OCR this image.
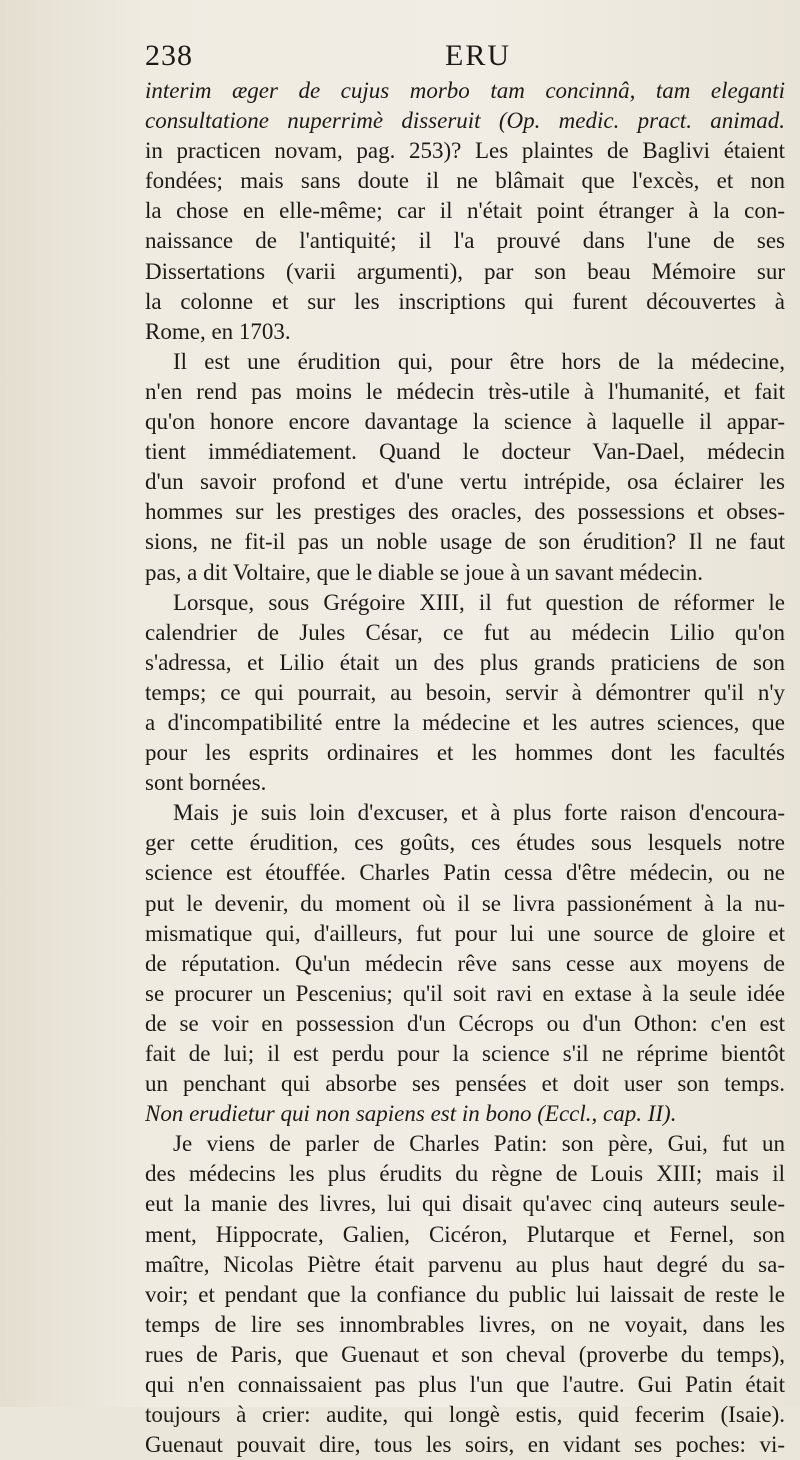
238	ERU
interim æger de cujus morbo tam concinnâ, tam eleganti
consultatione nuperrimè disseruit (Op. medic. pract. animad.
in practicen novam, pag. 253)? Les plaintes de Baglivi étaient
fondées; mais sans doute il ne blâmait que l'excès, et non
la chose en elle-même; car il n'était point étranger à la con-
naissance de l'antiquité; il l'a prouvé dans l'une de ses
Dissertations (varii argumenti), par son beau Mémoire sur
la colonne et sur les inscriptions qui furent découvertes à
Rome, en 1703.
Il est une érudition qui, pour être hors de la médecine,
n'en rend pas moins le médecin très-utile à l'humanité, et fait
qu'on honore encore davantage la science à laquelle il appar-
tient immédiatement. Quand le docteur Van-Dael, médecin
d'un savoir profond et d'une vertu intrépide, osa éclairer les
hommes sur les prestiges des oracles, des possessions et obses-
sions, ne fit-il pas un noble usage de son érudition? Il ne faut
pas, a dit Voltaire, que le diable se joue à un savant médecin.
Lorsque, sous Grégoire XIII, il fut question de réformer le
calendrier de Jules César, ce fut au médecin Lilio qu'on
s'adressa, et Lilio était un des plus grands praticiens de son
temps; ce qui pourrait, au besoin, servir à démontrer qu'il n'y
a d'incompatibilité entre la médecine et les autres sciences, que
pour les esprits ordinaires et les hommes dont les facultés
sont bornées.
Mais je suis loin d'excuser, et à plus forte raison d'encoura-
ger cette érudition, ces goûts, ces études sous lesquels notre
science est étouffée. Charles Patin cessa d'être médecin, ou ne
put le devenir, du moment où il se livra passionément à la nu-
mismatique qui, d'ailleurs, fut pour lui une source de gloire et
de réputation. Qu'un médecin rêve sans cesse aux moyens de
se procurer un Pescenius; qu'il soit ravi en extase à la seule idée
de se voir en possession d'un Cécrops ou d'un Othon: c'en est
fait de lui; il est perdu pour la science s'il ne réprime bientôt
un penchant qui absorbe ses pensées et doit user son temps.
Non erudietur qui non sapiens est in bono (Eccl., cap. II).
Je viens de parler de Charles Patin: son père, Gui, fut un
des médecins les plus érudits du règne de Louis XIII; mais il
eut la manie des livres, lui qui disait qu'avec cinq auteurs seule-
ment, Hippocrate, Galien, Cicéron, Plutarque et Fernel, son
maître, Nicolas Piètre était parvenu au plus haut degré du sa-
voir; et pendant que la confiance du public lui laissait de reste le
temps de lire ses innombrables livres, on ne voyait, dans les
rues de Paris, que Guenaut et son cheval (proverbe du temps),
qui n'en connaissaient pas plus l'un que l'autre. Gui Patin était
toujours à crier: audite, qui longè estis, quid fecerim (Isaie).
Guenaut pouvait dire, tous les soirs, en vidant ses poches: vi-
